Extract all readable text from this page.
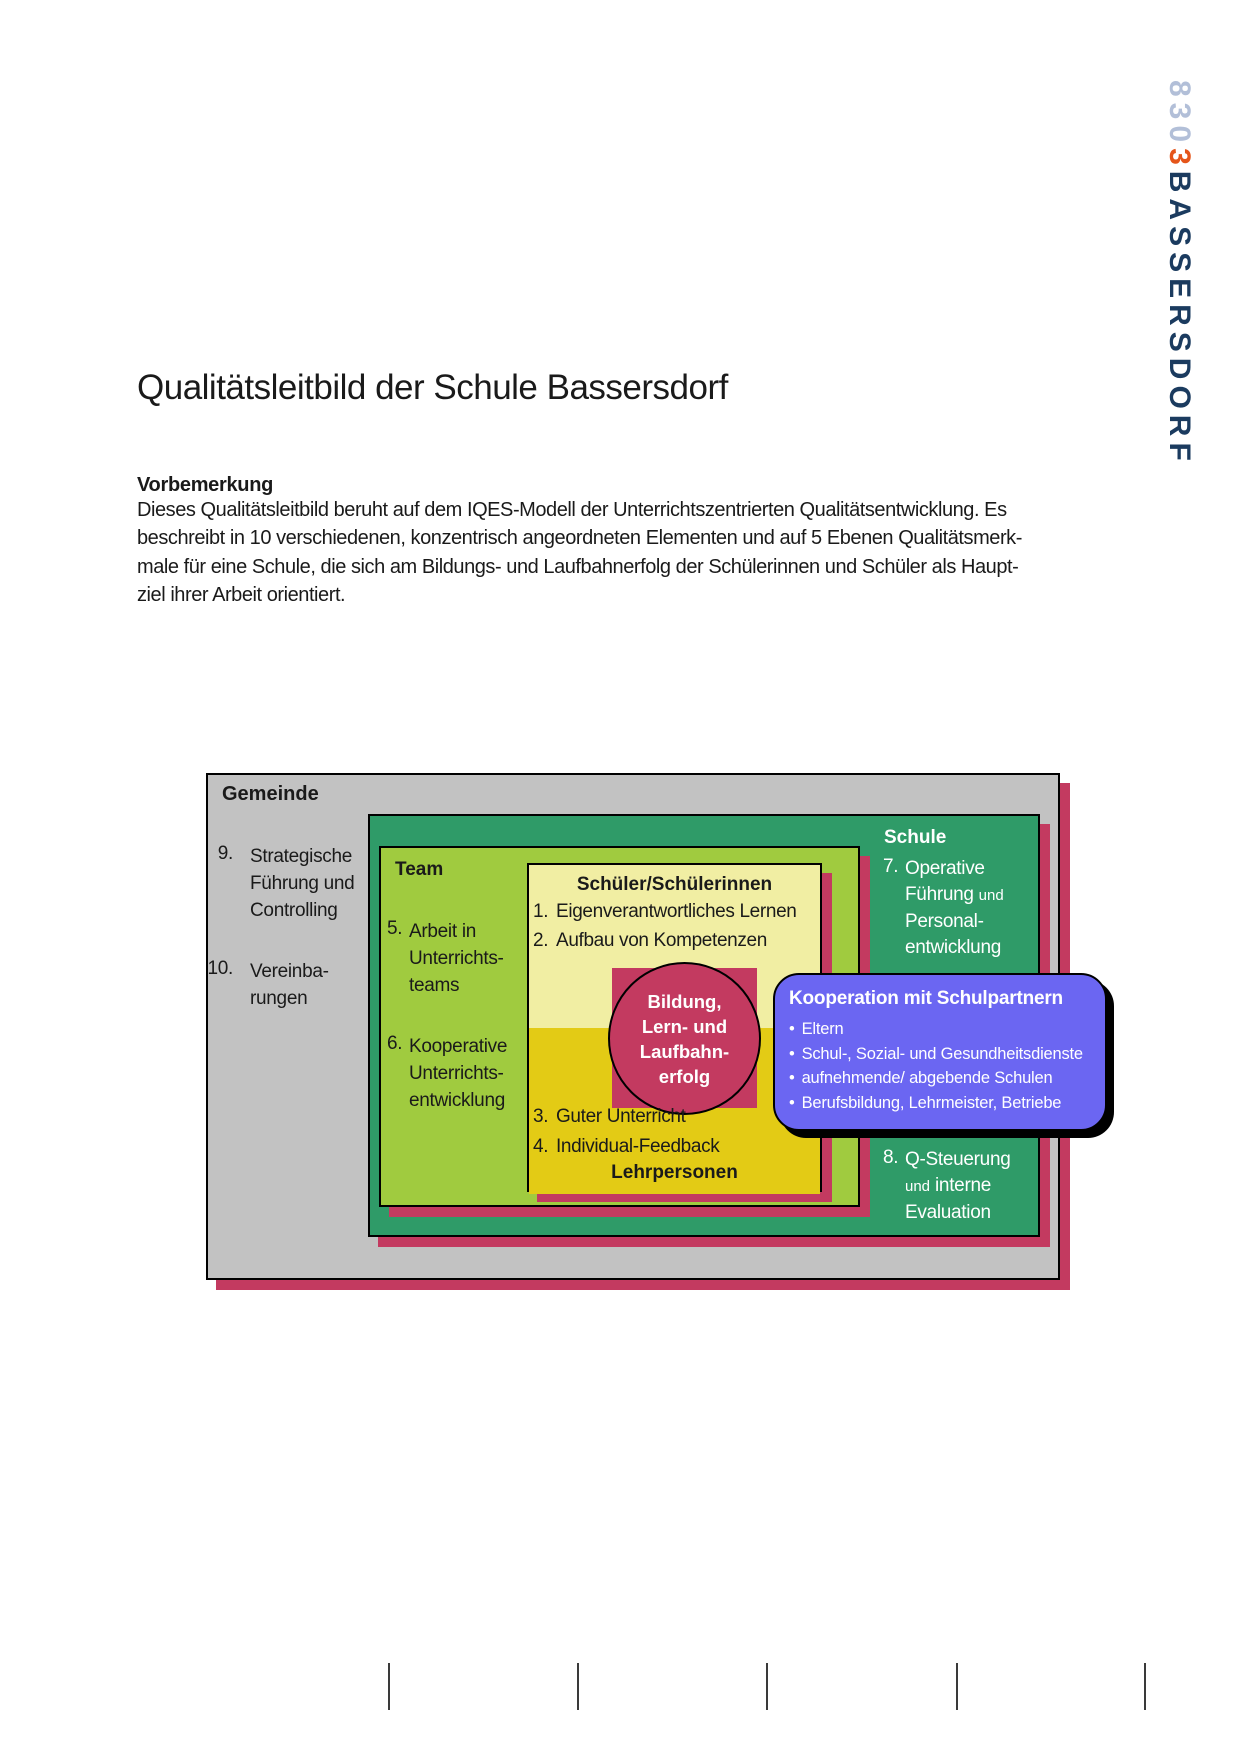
8303BASSERSDORF
Qualitätsleitbild der Schule Bassersdorf
Vorbemerkung
Dieses Qualitätsleitbild beruht auf dem IQES-Modell der Unterrichtszentrierten Qualitätsentwicklung. Es
beschreibt in 10 verschiedenen, konzentrisch angeordneten Elementen und auf 5 Ebenen Qualitätsmerk-
male für eine Schule, die sich am Bildungs- und Laufbahnerfolg der Schülerinnen und Schüler als Haupt-
ziel ihrer Arbeit orientiert.
Bildung,
Lern- und
Laufbahn-
erfolg
Gemeinde
Schule
Team
Schüler/Schülerinnen
Lehrpersonen
9. Strategische
Führung und
Controlling
10. Vereinba-
rungen
5. Arbeit in
Unterrichts-
teams
6. Kooperative
Unterrichts-
entwicklung
1. Eigenverantwortliches Lernen
2. Aufbau von Kompetenzen
3. Guter Unterricht
4. Individual-Feedback
7. Operative
Führung und
Personal-
entwicklung
8. Q-Steuerung
und interne
Evaluation
Kooperation mit Schulpartnern
• Eltern
• Schul-, Sozial- und Gesundheitsdienste
• aufnehmende/ abgebende Schulen
• Berufsbildung, Lehrmeister, Betriebe
